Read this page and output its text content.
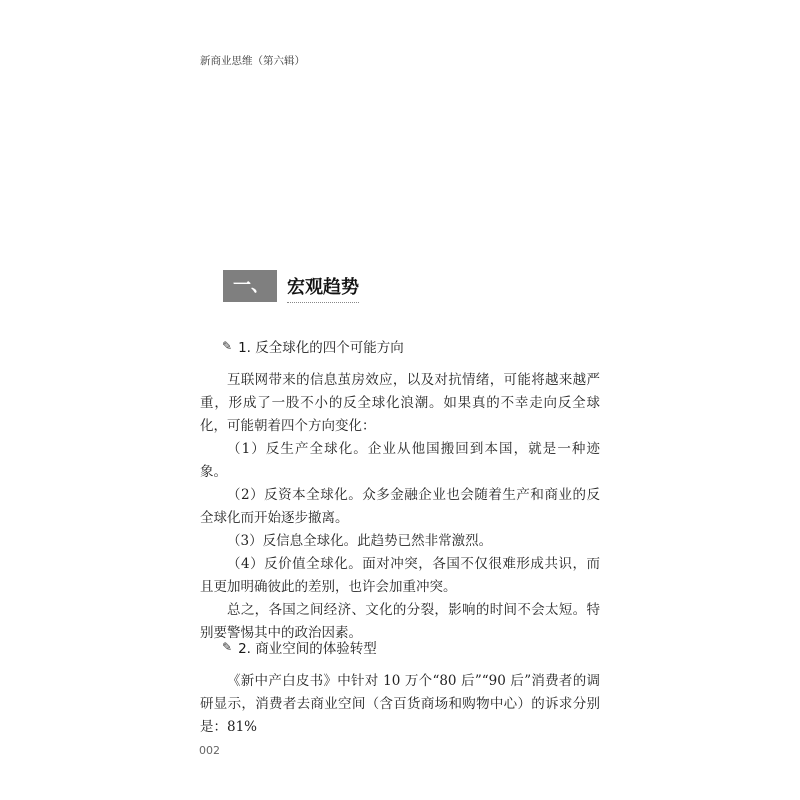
新商业思维（第六辑）
一、	宏观趋势
✎ 1. 反全球化的四个可能方向

互联网带来的信息茧房效应，以及对抗情绪，可能将越来越严重，形成了一股不小的反全球化浪潮。如果真的不幸走向反全球化，可能朝着四个方向变化：

（1）反生产全球化。企业从他国搬回到本国，就是一种迹象。

（2）反资本全球化。众多金融企业也会随着生产和商业的反全球化而开始逐步撤离。

（3）反信息全球化。此趋势已然非常激烈。

（4）反价值全球化。面对冲突，各国不仅很难形成共识，而且更加明确彼此的差别，也许会加重冲突。

总之，各国之间经济、文化的分裂，影响的时间不会太短。特别要警惕其中的政治因素。

✎ 2. 商业空间的体验转型

《新中产白皮书》中针对 10 万个“80 后”“90 后”消费者的调研显示，消费者去商业空间（含百货商场和购物中心）的诉求分别是：81%

002
